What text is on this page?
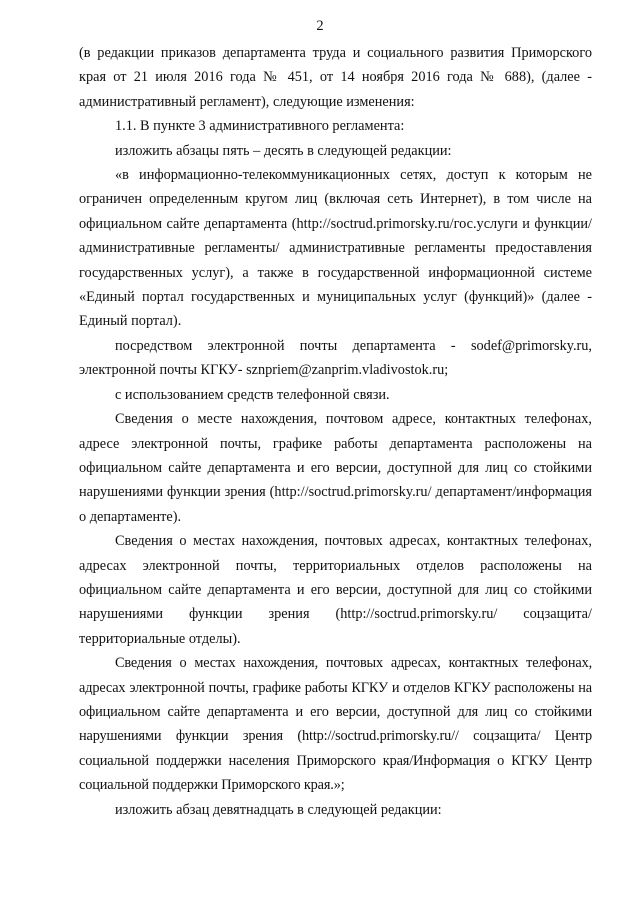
2

(в редакции приказов департамента труда и социального развития Приморского края от 21 июля 2016 года № 451, от 14 ноября 2016 года № 688), (далее - административный регламент), следующие изменения:

1.1. В пункте 3 административного регламента:

изложить абзацы пять – десять в следующей редакции:

«в информационно-телекоммуникационных сетях, доступ к которым не ограничен определенным кругом лиц (включая сеть Интернет), в том числе на официальном сайте департамента (http://soctrud.primorsky.ru/гос.услуги и функции/административные регламенты/ административные регламенты предоставления государственных услуг), а также в государственной информационной системе «Единый портал государственных и муниципальных услуг (функций)» (далее - Единый портал).

посредством электронной почты департамента - sodef@primorsky.ru, электронной почты КГКУ- sznpriem@zanprim.vladivostok.ru;

с использованием средств телефонной связи.

Сведения о месте нахождения, почтовом адресе, контактных телефонах, адресе электронной почты, графике работы департамента расположены на официальном сайте департамента и его версии, доступной для лиц со стойкими нарушениями функции зрения (http://soctrud.primorsky.ru/ департамент/информация о департаменте).

Сведения о местах нахождения, почтовых адресах, контактных телефонах, адресах электронной почты, территориальных отделов расположены на официальном сайте департамента и его версии, доступной для лиц со стойкими нарушениями функции зрения (http://soctrud.primorsky.ru/ соцзащита/территориальные отделы).

Сведения о местах нахождения, почтовых адресах, контактных телефонах, адресах электронной почты, графике работы КГКУ и отделов КГКУ расположены на официальном сайте департамента и его версии, доступной для лиц со стойкими нарушениями функции зрения (http://soctrud.primorsky.ru// соцзащита/ Центр социальной поддержки населения Приморского края/Информация о КГКУ Центр социальной поддержки Приморского края.»;

изложить абзац девятнадцать в следующей редакции:
